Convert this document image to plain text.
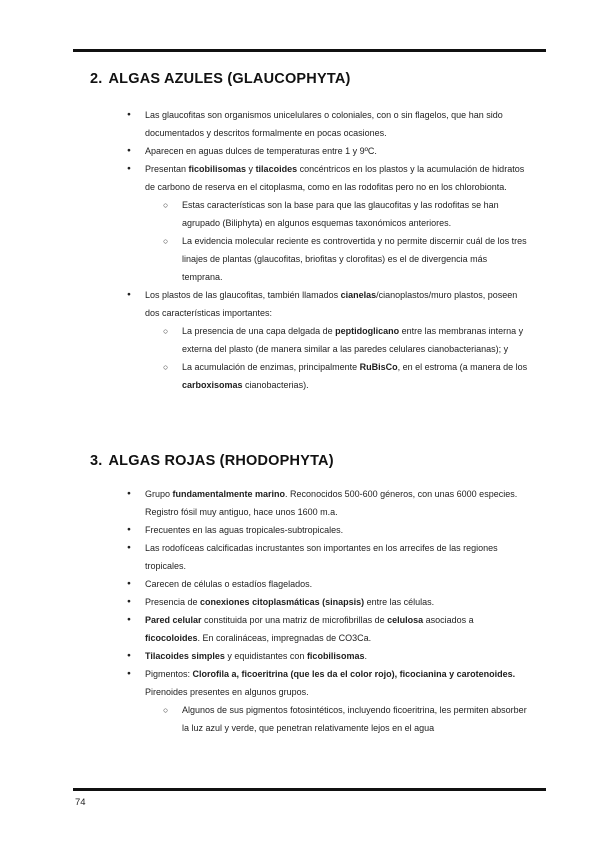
2. ALGAS AZULES (GLAUCOPHYTA)
● Las glaucofitas son organismos unicelulares o coloniales, con o sin flagelos, que han sido documentados y descritos formalmente en pocas ocasiones.
● Aparecen en aguas dulces de temperaturas entre 1 y 9ºC.
● Presentan ficobilisomas y tilacoides concéntricos en los plastos y la acumulación de hidratos de carbono de reserva en el citoplasma, como en las rodofitas pero no en los chlorobionta.
○ Estas características son la base para que las glaucofitas y las rodofitas se han agrupado (Biliphyta) en algunos esquemas taxonómicos anteriores.
○ La evidencia molecular reciente es controvertida y no permite discernir cuál de los tres linajes de plantas (glaucofitas, briofitas y clorofitas) es el de divergencia más temprana.
● Los plastos de las glaucofitas, también llamados cianelas/cianoplastos/muro plastos, poseen dos características importantes:
○ La presencia de una capa delgada de peptidoglicano entre las membranas interna y externa del plasto (de manera similar a las paredes celulares cianobacterianas); y
○ La acumulación de enzimas, principalmente RuBisCo, en el estroma (a manera de los carboxisomas cianobacterias).
3. ALGAS ROJAS (RHODOPHYTA)
● Grupo fundamentalmente marino. Reconocidos 500-600 géneros, con unas 6000 especies. Registro fósil muy antiguo, hace unos 1600 m.a.
● Frecuentes en las aguas tropicales-subtropicales.
● Las rodofíceas calcificadas incrustantes son importantes en los arrecifes de las regiones tropicales.
● Carecen de células o estadíos flagelados.
● Presencia de conexiones citoplasmáticas (sinapsis) entre las células.
● Pared celular constituida por una matriz de microfibrillas de celulosa asociados a ficocoloides. En coralináceas, impregnadas de CO3Ca.
● Tilacoides simples y equidistantes con ficobilisomas.
● Pigmentos: Clorofila a, ficoeritrina (que les da el color rojo), ficocianina y carotenoides. Pirenoides presentes en algunos grupos.
○ Algunos de sus pigmentos fotosintéticos, incluyendo ficoeritrina, les permiten absorber la luz azul y verde, que penetran relativamente lejos en el agua
74
